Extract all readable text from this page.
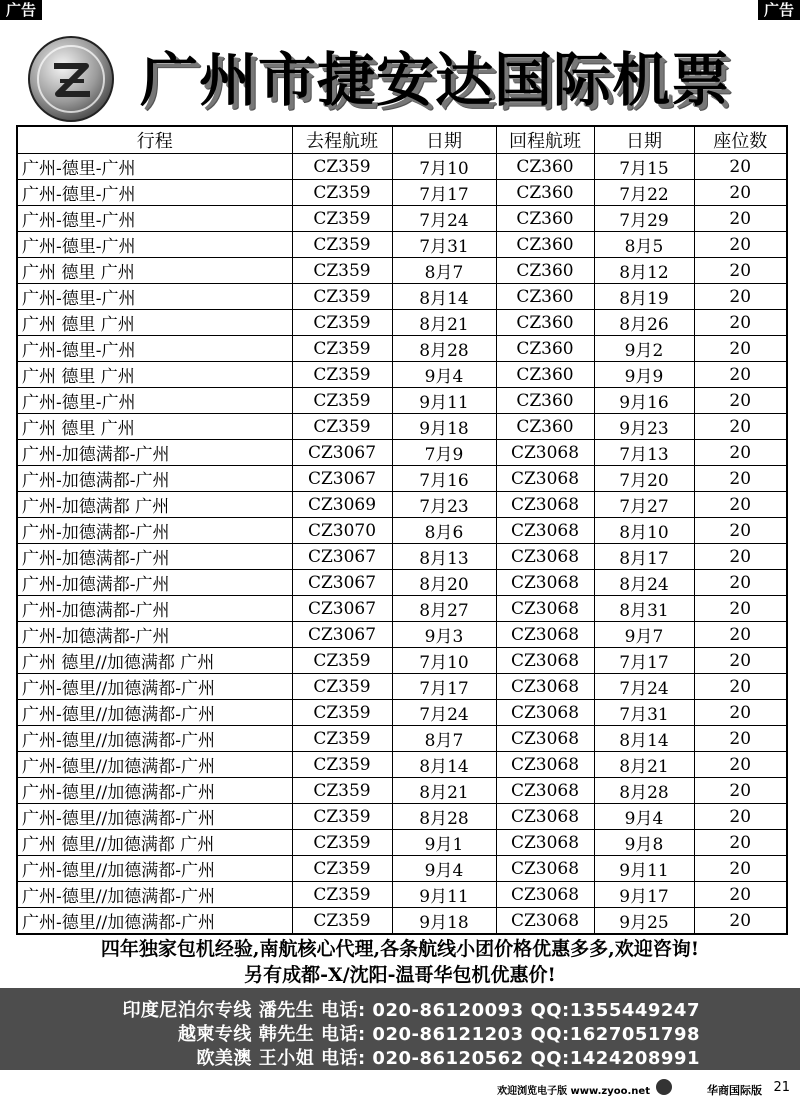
广告	广告
广州市捷安达国际机票
行程	去程航班	日期	回程航班	日期	座位数
广州-德里-广州	CZ359	7月10	CZ360	7月15	20
广州-德里-广州	CZ359	7月17	CZ360	7月22	20
广州-德里-广州	CZ359	7月24	CZ360	7月29	20
广州-德里-广州	CZ359	7月31	CZ360	8月5	20
广州 德里 广州	CZ359	8月7	CZ360	8月12	20
广州-德里-广州	CZ359	8月14	CZ360	8月19	20
广州 德里 广州	CZ359	8月21	CZ360	8月26	20
广州-德里-广州	CZ359	8月28	CZ360	9月2	20
广州 德里 广州	CZ359	9月4	CZ360	9月9	20
广州-德里-广州	CZ359	9月11	CZ360	9月16	20
广州 德里 广州	CZ359	9月18	CZ360	9月23	20
广州-加德满都-广州	CZ3067	7月9	CZ3068	7月13	20
广州-加德满都-广州	CZ3067	7月16	CZ3068	7月20	20
广州-加德满都 广州	CZ3069	7月23	CZ3068	7月27	20
广州-加德满都-广州	CZ3070	8月6	CZ3068	8月10	20
广州-加德满都-广州	CZ3067	8月13	CZ3068	8月17	20
广州-加德满都-广州	CZ3067	8月20	CZ3068	8月24	20
广州-加德满都-广州	CZ3067	8月27	CZ3068	8月31	20
广州-加德满都-广州	CZ3067	9月3	CZ3068	9月7	20
广州 德里//加德满都 广州	CZ359	7月10	CZ3068	7月17	20
广州-德里//加德满都-广州	CZ359	7月17	CZ3068	7月24	20
广州-德里//加德满都-广州	CZ359	7月24	CZ3068	7月31	20
广州-德里//加德满都-广州	CZ359	8月7	CZ3068	8月14	20
广州-德里//加德满都-广州	CZ359	8月14	CZ3068	8月21	20
广州-德里//加德满都-广州	CZ359	8月21	CZ3068	8月28	20
广州-德里//加德满都-广州	CZ359	8月28	CZ3068	9月4	20
广州 德里//加德满都 广州	CZ359	9月1	CZ3068	9月8	20
广州-德里//加德满都-广州	CZ359	9月4	CZ3068	9月11	20
广州-德里//加德满都-广州	CZ359	9月11	CZ3068	9月17	20
广州-德里//加德满都-广州	CZ359	9月18	CZ3068	9月25	20
四年独家包机经验,南航核心代理,各条航线小团价格优惠多多,欢迎咨询!
另有成都-X/沈阳-温哥华包机优惠价!
印度尼泊尔专线 潘先生 电话: 020-86120093 QQ:1355449247
越柬专线 韩先生 电话: 020-86121203 QQ:1627051798
欧美澳 王小姐 电话: 020-86120562 QQ:1424208991
欢迎浏览电子版 www.zyoo.net	华商国际版 21
